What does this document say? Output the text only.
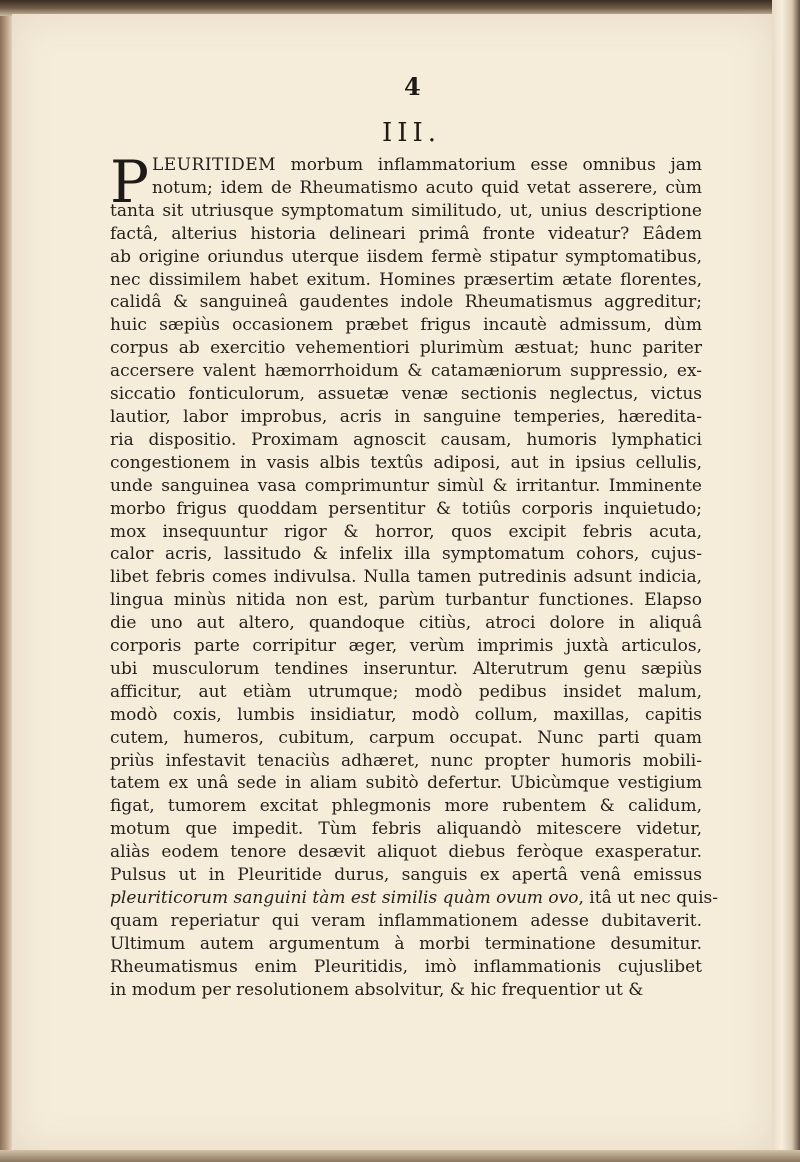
4
III.
P LEURITIDEM morbum inflammatorium esse omnibus jam
notum; idem de Rheumatismo acuto quid vetat asserere, cùm
tanta sit utriusque symptomatum similitudo, ut, unius descriptione
factâ, alterius historia delineari primâ fronte videatur? Eâdem
ab origine oriundus uterque iisdem fermè stipatur symptomatibus,
nec dissimilem habet exitum. Homines præsertim ætate florentes,
calidâ & sanguineâ gaudentes indole Rheumatismus aggreditur;
huic sæpiùs occasionem præbet frigus incautè admissum, dùm
corpus ab exercitio vehementiori plurimùm æstuat; hunc pariter
accersere valent hæmorrhoidum & catamæniorum suppressio, ex-
siccatio fonticulorum, assuetæ venæ sectionis neglectus, victus
lautior, labor improbus, acris in sanguine temperies, hæredita-
ria dispositio. Proximam agnoscit causam, humoris lymphatici
congestionem in vasis albis textûs adiposi, aut in ipsius cellulis,
unde sanguinea vasa comprimuntur simùl & irritantur. Imminente
morbo frigus quoddam persentitur & totiûs corporis inquietudo;
mox insequuntur rigor & horror, quos excipit febris acuta,
calor acris, lassitudo & infelix illa symptomatum cohors, cujus-
libet febris comes indivulsa. Nulla tamen putredinis adsunt indicia,
lingua minùs nitida non est, parùm turbantur functiones. Elapso
die uno aut altero, quandoque citiùs, atroci dolore in aliquâ
corporis parte corripitur æger, verùm imprimis juxtà articulos,
ubi musculorum tendines inseruntur. Alterutrum genu sæpiùs
afficitur, aut etiàm utrumque; modò pedibus insidet malum,
modò coxis, lumbis insidiatur, modò collum, maxillas, capitis
cutem, humeros, cubitum, carpum occupat. Nunc parti quam
priùs infestavit tenaciùs adhæret, nunc propter humoris mobili-
tatem ex unâ sede in aliam subitò defertur. Ubicùmque vestigium
figat, tumorem excitat phlegmonis more rubentem & calidum,
motum que impedit. Tùm febris aliquandò mitescere videtur,
aliàs eodem tenore desævit aliquot diebus feròque exasperatur.
Pulsus ut in Pleuritide durus, sanguis ex apertâ venâ emissus
pleuriticorum sanguini tàm est similis quàm ovum ovo, itâ ut nec quis-
quam reperiatur qui veram inflammationem adesse dubitaverit.
Ultimum autem argumentum à morbi terminatione desumitur.
Rheumatismus enim Pleuritidis, imò inflammationis cujuslibet
in modum per resolutionem absolvitur, & hic frequentior ut &
